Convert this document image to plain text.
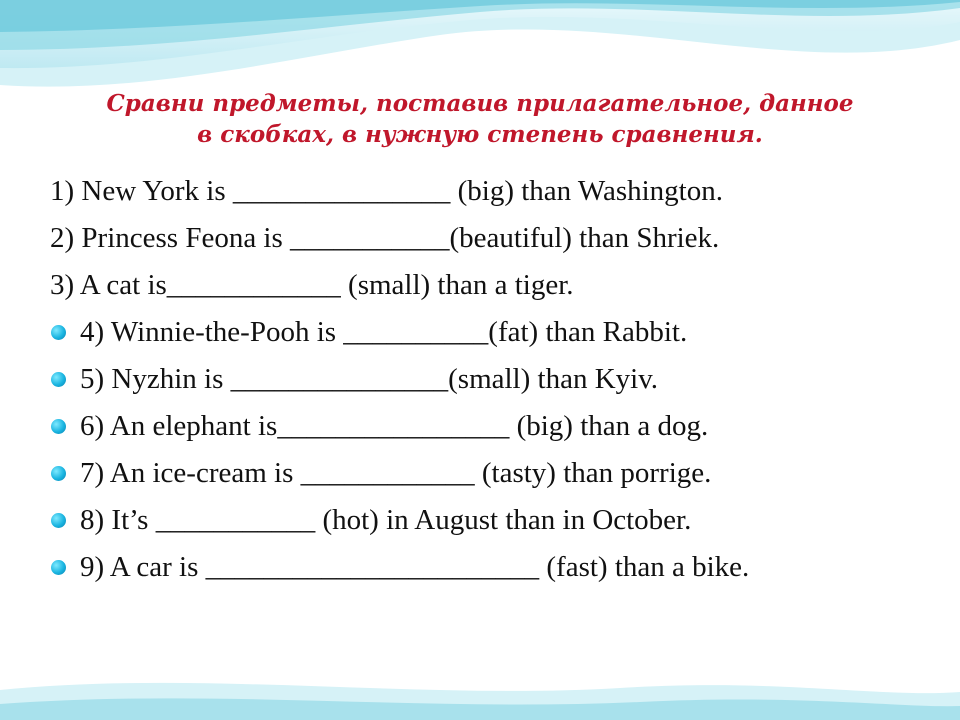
Сравни предметы, поставив прилагательное, данное
в скобках, в нужную степень сравнения.
1) New York is _______________ (big) than Washington.
2) Princess Feona is ___________(beautiful) than Shriek.
3) A cat is____________ (small) than a tiger.
4) Winnie-the-Pooh is __________(fat) than Rabbit.
5) Nyzhin is _______________(small) than Kyiv.
6) An elephant is________________ (big) than a dog.
7) An ice-cream is ____________ (tasty) than porrige.
8) It’s ___________ (hot) in August than in October.
9) A car is _______________________ (fast) than a bike.
